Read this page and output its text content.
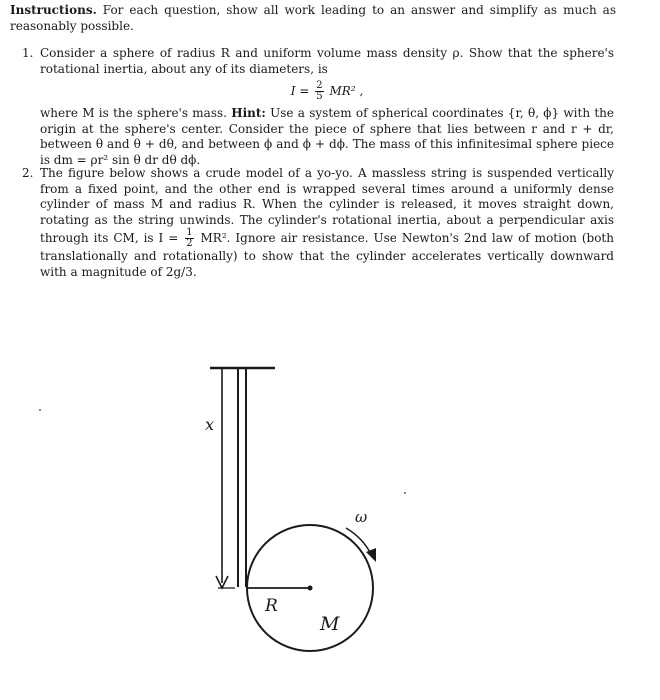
Instructions. For each question, show all work leading to an answer and simplify as much as reasonably possible.
1. Consider a sphere of radius R and uniform volume mass density ρ. Show that the sphere's rotational inertia, about any of its diameters, is
$I = \frac{2}{5} MR^2$ ,
where M is the sphere's mass. Hint: Use a system of spherical coordinates {r, θ, ϕ} with the origin at the sphere's center. Consider the piece of sphere that lies between r and r + dr, between θ and θ + dθ, and between ϕ and ϕ + dϕ. The mass of this infinitesimal sphere piece is dm = ρr² sin θ dr dθ dϕ.
2. The figure below shows a crude model of a yo-yo. A massless string is suspended vertically from a fixed point, and the other end is wrapped several times around a uniformly dense cylinder of mass M and radius R. When the cylinder is released, it moves straight down, rotating as the string unwinds. The cylinder's rotational inertia, about a perpendicular axis through its CM, is $I = \frac{1}{2} MR^2$. Ignore air resistance. Use Newton's 2nd law of motion (both translationally and rotationally) to show that the cylinder accelerates vertically downward with a magnitude of 2g/3.
x
R
M
ω
